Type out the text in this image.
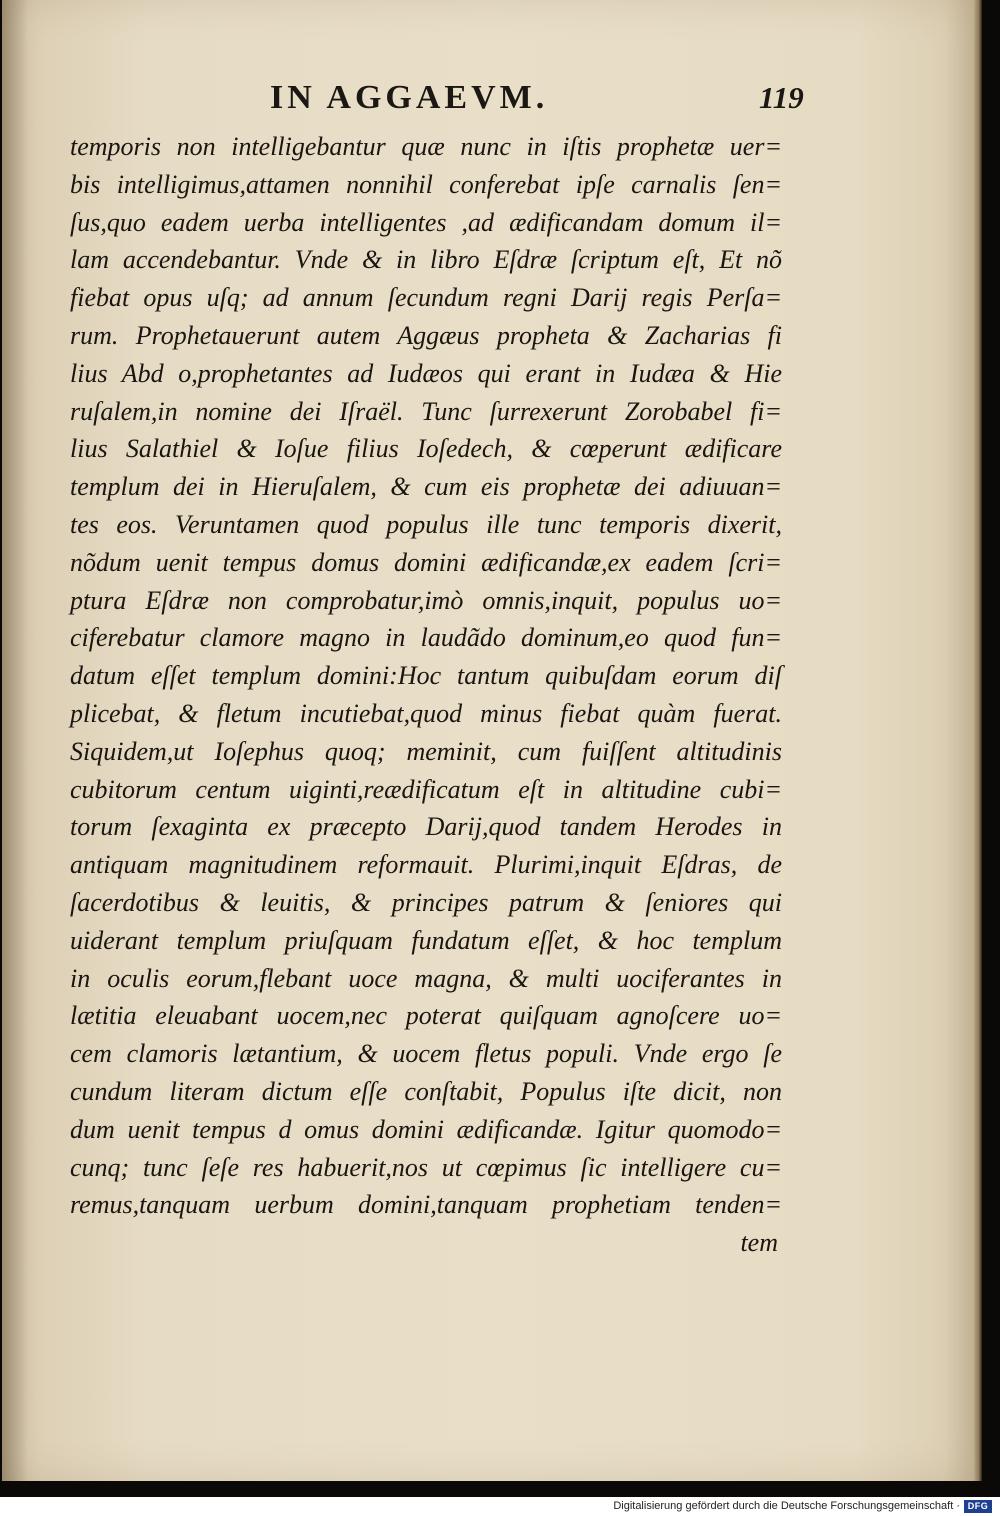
IN AGGAEVM.	119
temporis non intelligebantur quæ nunc in iſtis prophetæ uer=
bis intelligimus,attamen nonnihil conferebat ipſe carnalis ſen=
ſus,quo eadem uerba intelligentes ,ad ædificandam domum il=
lam accendebantur. Vnde & in libro Eſdræ ſcriptum eſt, Et nõ
fiebat opus uſq; ad annum ſecundum regni Darij regis Perſa=
rum. Prophetauerunt autem Aggæus propheta & Zacharias fi
lius Abd o,prophetantes ad Iudæos qui erant in Iudæa & Hie
ruſalem,in nomine dei Iſraël. Tunc ſurrexerunt Zorobabel fi=
lius Salathiel & Ioſue filius Ioſedech, & cœperunt ædificare
templum dei in Hieruſalem, & cum eis prophetæ dei adiuuan=
tes eos. Veruntamen quod populus ille tunc temporis dixerit,
nõdum uenit tempus domus domini ædificandæ,ex eadem ſcri=
ptura Eſdræ non comprobatur,imò omnis,inquit, populus uo=
ciferebatur clamore magno in laudãdo dominum,eo quod fun=
datum eſſet templum domini:Hoc tantum quibuſdam eorum diſ
plicebat, & fletum incutiebat,quod minus fiebat quàm fuerat.
Siquidem,ut Ioſephus quoq; meminit, cum fuiſſent altitudinis
cubitorum centum uiginti,reædificatum eſt in altitudine cubi=
torum ſexaginta ex præcepto Darij,quod tandem Herodes in
antiquam magnitudinem reformauit. Plurimi,inquit Eſdras, de
ſacerdotibus & leuitis, & principes patrum & ſeniores qui
uiderant templum priuſquam fundatum eſſet, & hoc templum
in oculis eorum,flebant uoce magna, & multi uociferantes in
lætitia eleuabant uocem,nec poterat quiſquam agnoſcere uo=
cem clamoris lætantium, & uocem fletus populi. Vnde ergo ſe
cundum literam dictum eſſe conſtabit, Populus iſte dicit, non
dum uenit tempus d omus domini ædificandæ. Igitur quomodo=
cunq; tunc ſeſe res habuerit,nos ut cœpimus ſic intelligere cu=
remus,tanquam uerbum domini,tanquam prophetiam tenden=
tem
Digitalisierung gefördert durch die Deutsche Forschungsgemeinschaft · DFG
